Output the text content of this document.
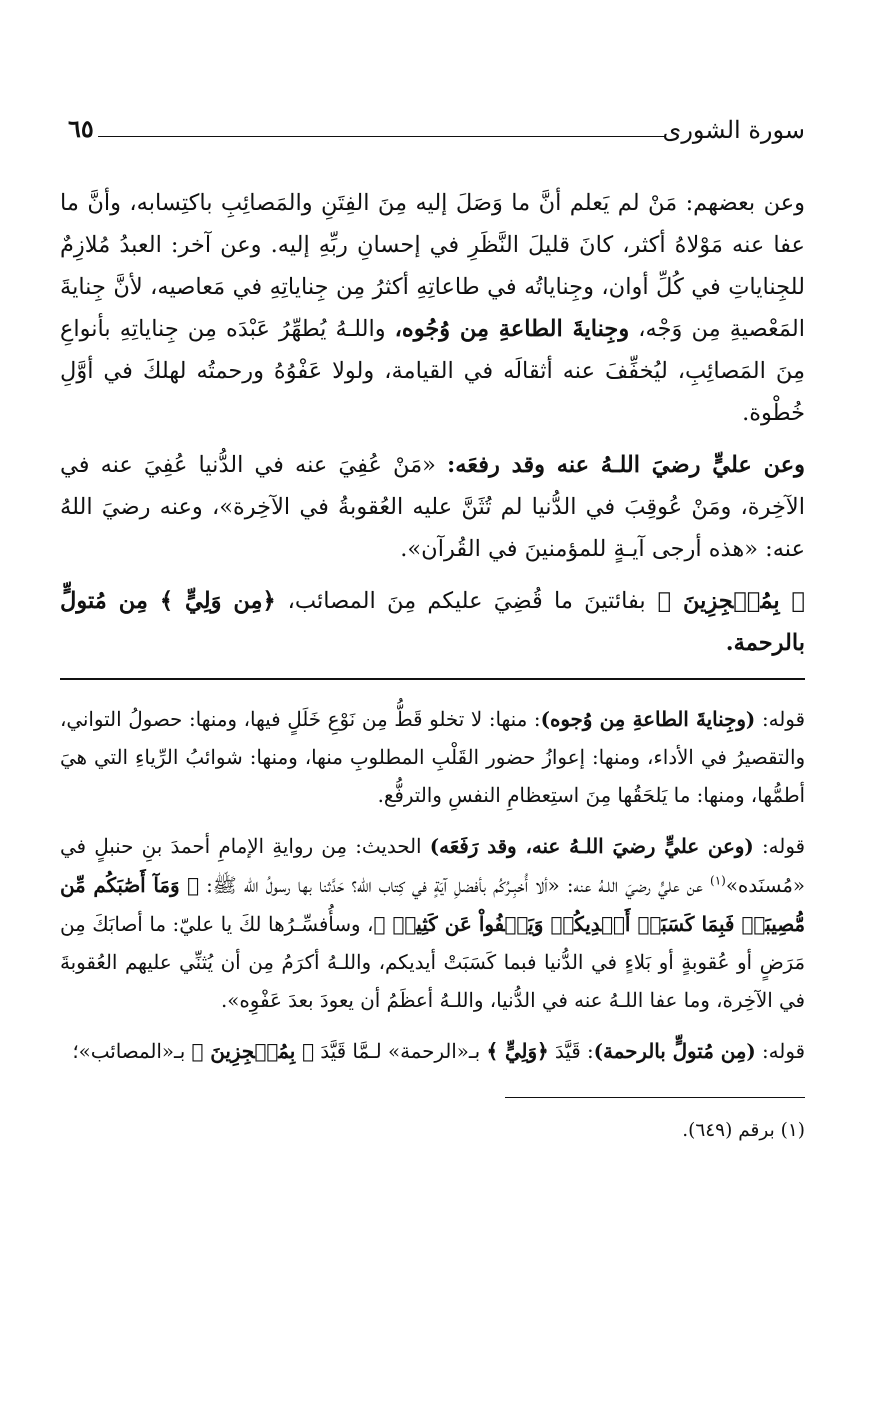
سورة الشورى
٦٥

وعن بعضهم: مَنْ لم يَعلم أنَّ ما وَصَلَ إليه مِنَ الفِتَنِ والمَصائِبِ باكتِسابه، وأنَّ ما عفا عنه مَوْلاهُ أكثر، كانَ قليلَ النَّظَرِ في إحسانِ ربِّهِ إليه. وعن آخر: العبدُ مُلازِمٌ للجِناياتِ في كُلِّ أوان، وجِناياتُه في طاعاتِهِ أكثرُ مِن جِناياتِهِ في مَعاصيه، لأنَّ جِنايةَ المَعْصيةِ مِن وَجْه، وجِنايةَ الطاعةِ مِن وُجُوه، واللـهُ يُطهِّرُ عَبْدَه مِن جِناياتِهِ بأنواعِ مِنَ المَصائِبِ، ليُخفِّفَ عنه أثقالَه في القيامة، ولولا عَفْوُهُ ورحمتُه لهلكَ في أوَّلِ خُطْوة.

وعن عليٍّ رضيَ اللـهُ عنه وقد رفعَه: «مَنْ عُفِيَ عنه في الدُّنيا عُفِيَ عنه في الآخِرة، ومَنْ عُوقِبَ في الدُّنيا لم تُثَنَّ عليه العُقوبةُ في الآخِرة»، وعنه رضيَ اللهُ عنه: «هذه أرجى آيـةٍ للمؤمنينَ في القُرآن».

﴿ بِمُعۡجِزِينَ ﴾ بفائتينَ ما قُضِيَ عليكم مِنَ المصائب، ﴿مِن وَلِيٍّ ﴾ مِن مُتولٍّ بالرحمة.

قوله: (وجِنايةَ الطاعةِ مِن وُجوه): منها: لا تخلو قَطُّ مِن نَوْعِ خَلَلٍ فيها، ومنها: حصولُ التواني، والتقصيرُ في الأداء، ومنها: إعوازُ حضور القَلْبِ المطلوبِ منها، ومنها: شوائبُ الرِّياءِ التي هيَ أطمُّها، ومنها: ما يَلحَقُها مِنَ استِعظامِ النفسِ والترفُّع.

قوله: (وعن عليٍّ رضيَ اللـهُ عنه، وقد رَفَعَه) الحديث: مِن روايةِ الإمامِ أحمدَ بنِ حنبلٍ في «مُسنَده»$^{(١)}$ عن عليٍّ رضيَ اللـهُ عنه: «ألا أُخبِـرُكُم بأفضلِ آيَةٍ في كِتاب الله؟ حَدَّثنا بها رسولُ الله ﷺ: ﴿ وَمَآ أَصَٰبَكُم مِّن مُّصِيبَةٖ فَبِمَا كَسَبَتۡ أَيۡدِيكُمۡ وَيَعۡفُواْ عَن كَثِيرٖ ﴾، وسأُفسِّـرُها لكَ يا عليّ: ما أصابَكَ مِن مَرَضٍ أو عُقوبةٍ أو بَلاءٍ في الدُّنيا فبما كَسَبَتْ أيديكم، واللـهُ أكرَمُ مِن أن يُثنِّي عليهم العُقوبةَ في الآخِرة، وما عفا اللـهُ عنه في الدُّنيا، واللـهُ أعظَمُ أن يعودَ بعدَ عَفْوِه».

قوله: (مِن مُتولٍّ بالرحمة): قَيَّدَ ﴿وَلِيٍّ ﴾ بـ«الرحمة» لـمَّا قَيَّدَ ﴿ بِمُعۡجِزِينَ ﴾ بـ«المصائب»؛

(١) برقم (٦٤٩).
